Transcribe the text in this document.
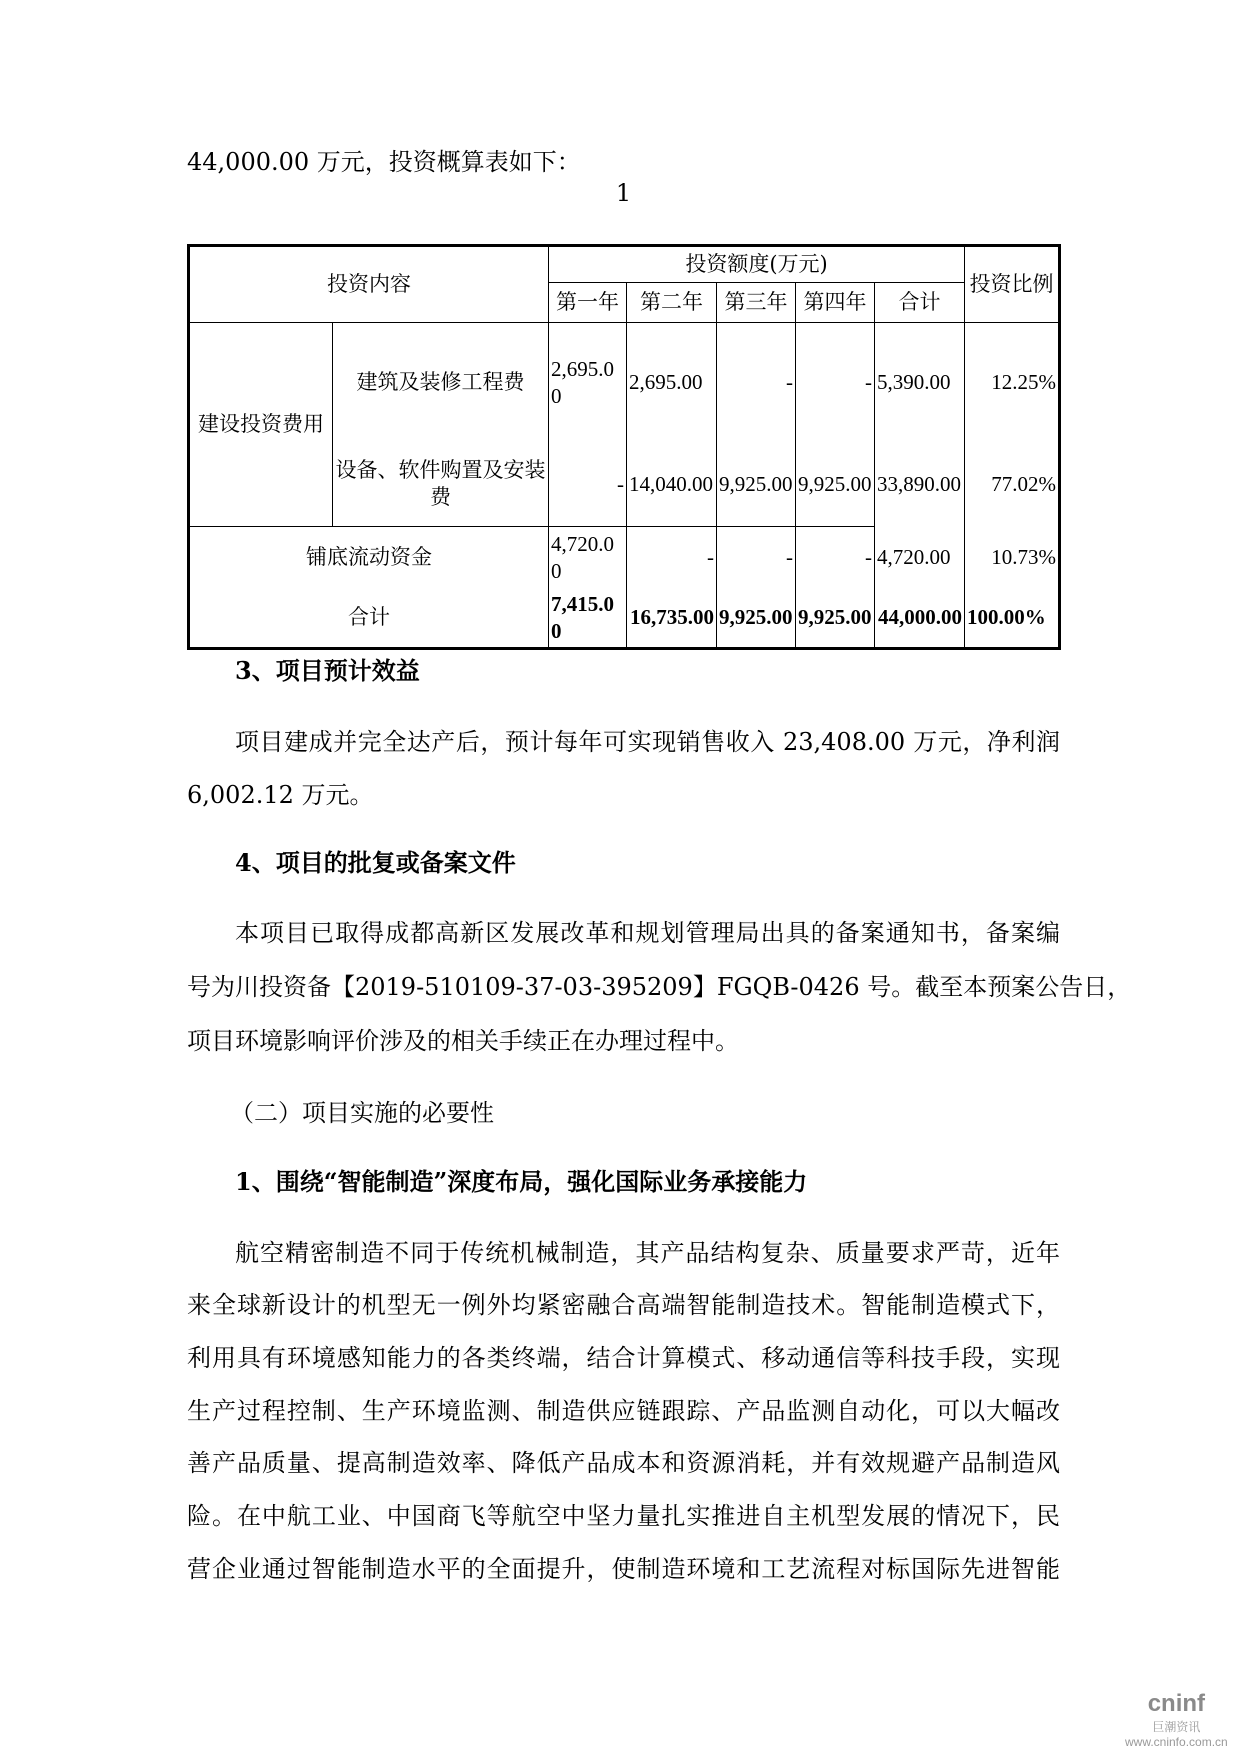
44,000.00 万元，投资概算表如下：
1
投资内容		投资额度(万元)					投资比例
		第一年	第二年	第三年	第四年	合计	
建设投资费用	建筑及装修工程费	2,695.00	2,695.00	-	-	5,390.00	12.25%
	设备、软件购置及安装费	-	14,040.00	9,925.00	9,925.00	33,890.00	77.02%
铺底流动资金		4,720.00	-	-	-	4,720.00	10.73%
合计		7,415.00	16,735.00	9,925.00	9,925.00	44,000.00	100.00%
3、项目预计效益
项目建成并完全达产后，预计每年可实现销售收入 23,408.00 万元，净利润
6,002.12 万元。
4、项目的批复或备案文件
本项目已取得成都高新区发展改革和规划管理局出具的备案通知书，备案编
号为川投资备【2019-510109-37-03-395209】FGQB-0426 号。截至本预案公告日，
项目环境影响评价涉及的相关手续正在办理过程中。
（二）项目实施的必要性
1、围绕“智能制造”深度布局，强化国际业务承接能力
航空精密制造不同于传统机械制造，其产品结构复杂、质量要求严苛，近年
来全球新设计的机型无一例外均紧密融合高端智能制造技术。智能制造模式下，
利用具有环境感知能力的各类终端，结合计算模式、移动通信等科技手段，实现
生产过程控制、生产环境监测、制造供应链跟踪、产品监测自动化，可以大幅改
善产品质量、提高制造效率、降低产品成本和资源消耗，并有效规避产品制造风
险。在中航工业、中国商飞等航空中坚力量扎实推进自主机型发展的情况下，民
营企业通过智能制造水平的全面提升，使制造环境和工艺流程对标国际先进智能
cninf
巨潮资讯
www.cninfo.com.cn
